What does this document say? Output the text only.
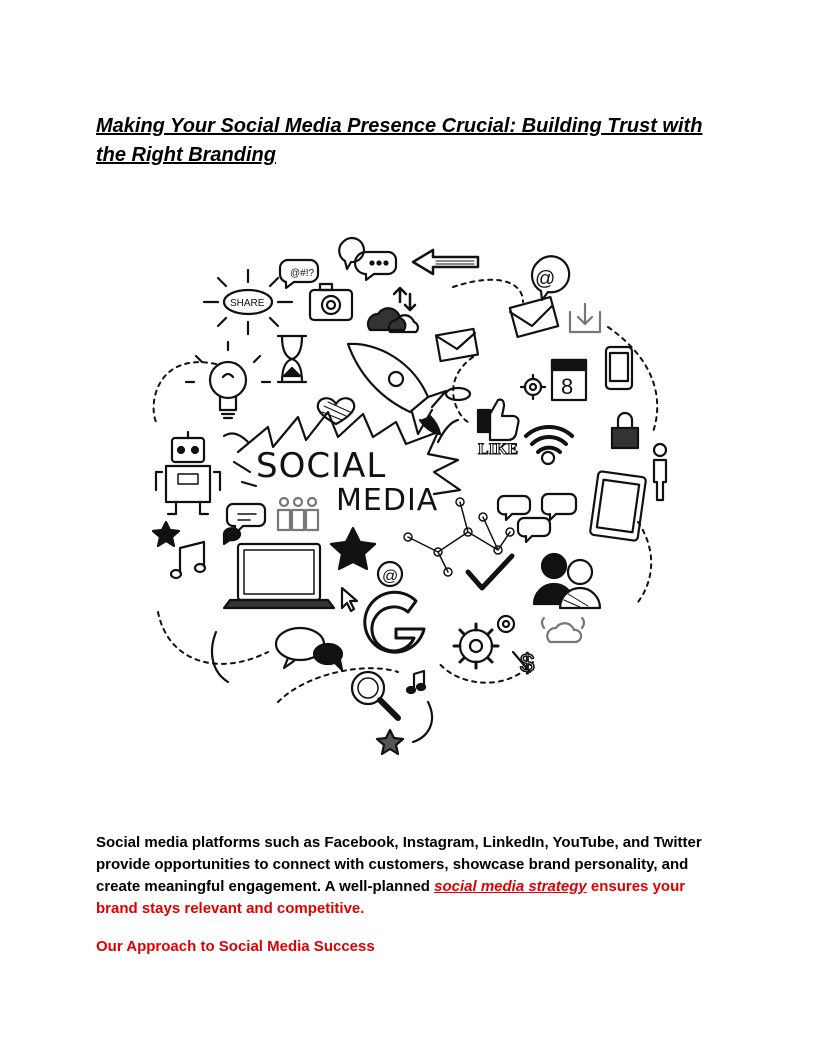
Making Your Social Media Presence Crucial: Building Trust with the Right Branding
@#!?	@
SHARE
8
LIKE
SOCIAL
MEDIA
@
$

Social media platforms such as Facebook, Instagram, LinkedIn, YouTube, and Twitter provide opportunities to connect with customers, showcase brand personality, and create meaningful engagement. A well-planned social media strategy ensures your brand stays relevant and competitive.

Our Approach to Social Media Success
